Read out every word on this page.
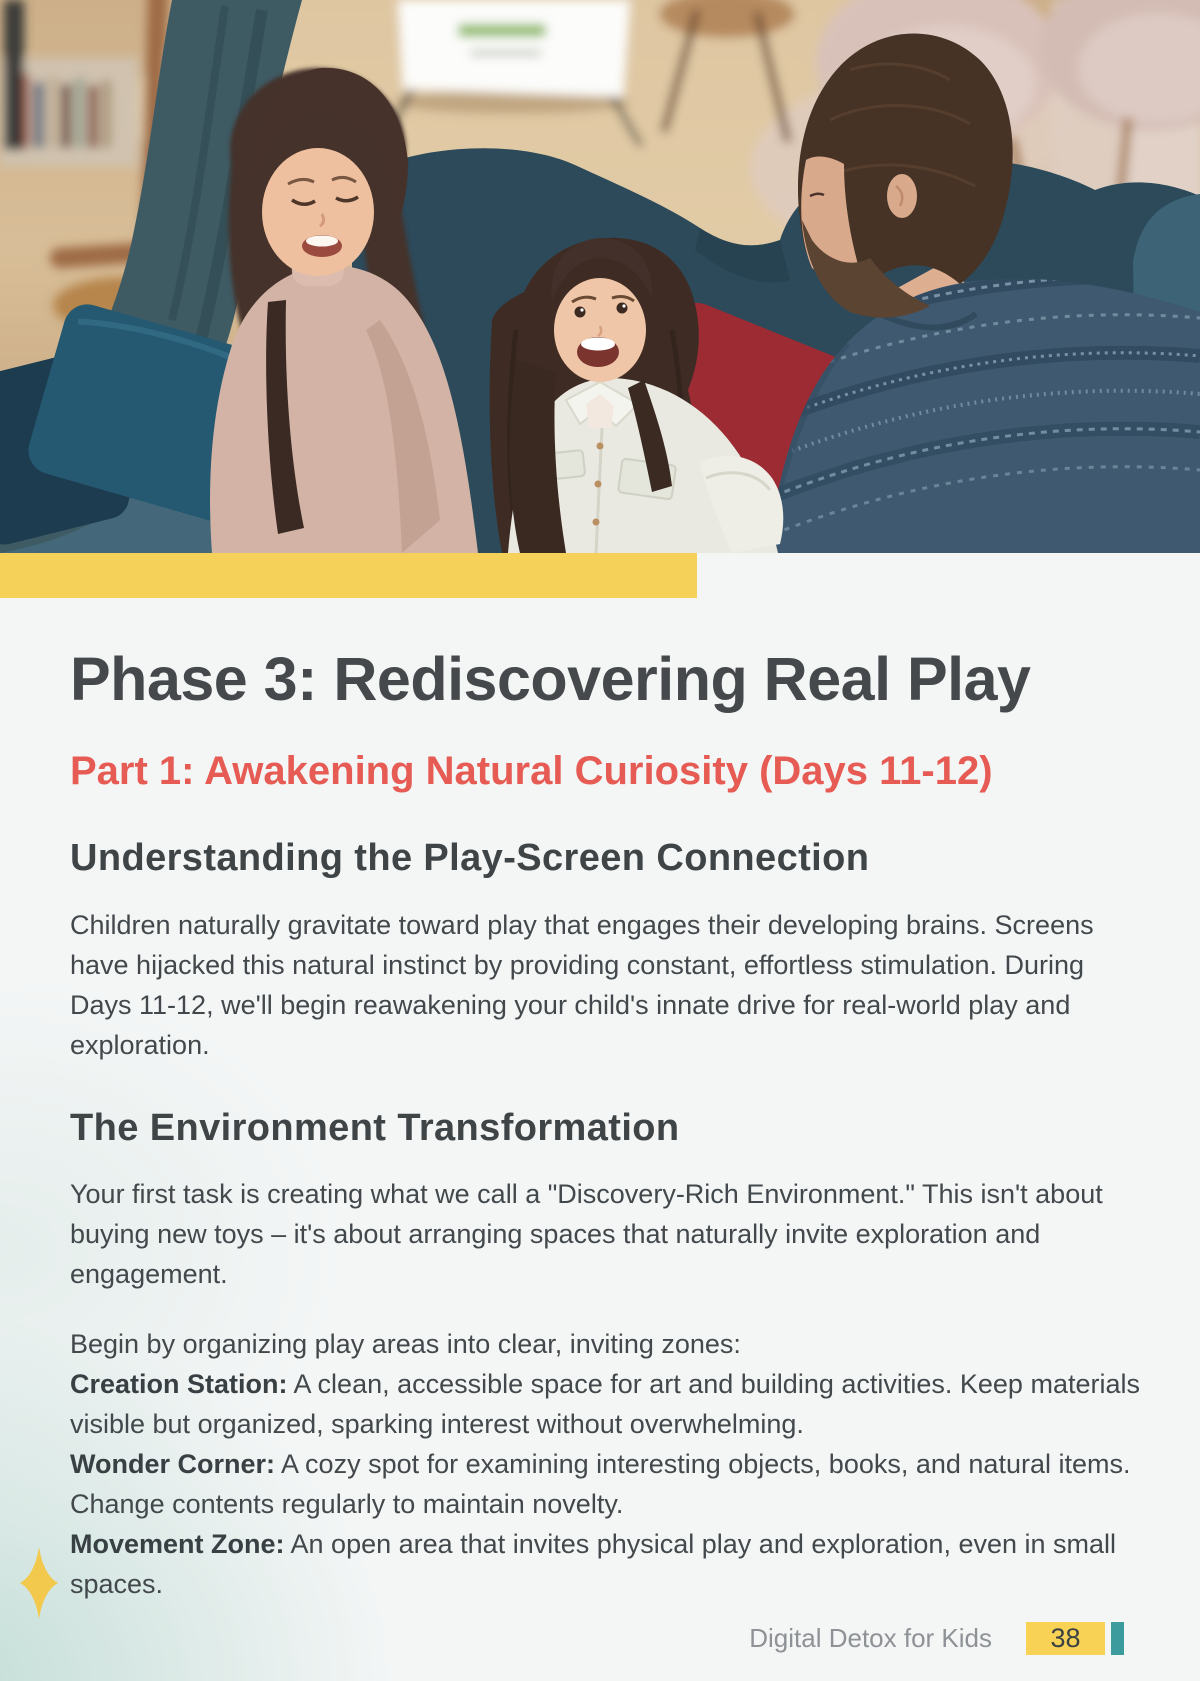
Phase 3: Rediscovering Real Play
Part 1: Awakening Natural Curiosity (Days 11-12)
Understanding the Play-Screen Connection

Children naturally gravitate toward play that engages their developing brains. Screens have hijacked this natural instinct by providing constant, effortless stimulation. During Days 11-12, we'll begin reawakening your child's innate drive for real-world play and exploration.

The Environment Transformation

Your first task is creating what we call a "Discovery-Rich Environment." This isn't about buying new toys – it's about arranging spaces that naturally invite exploration and engagement.

Begin by organizing play areas into clear, inviting zones:
Creation Station: A clean, accessible space for art and building activities. Keep materials visible but organized, sparking interest without overwhelming.
Wonder Corner: A cozy spot for examining interesting objects, books, and natural items. Change contents regularly to maintain novelty.
Movement Zone: An open area that invites physical play and exploration, even in small spaces.

Digital Detox for Kids 38
